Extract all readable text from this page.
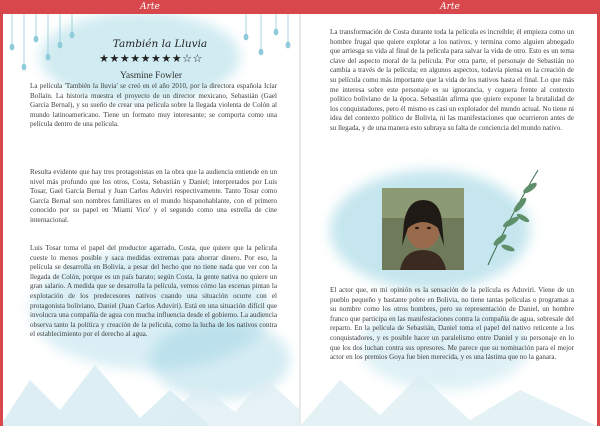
Arte	Arte
También la Lluvia
★★★★★★★★☆☆
Yasmine Fowler

La película 'También la lluvia' se creó en el año 2010, por la directora española Icíar Bollaín. La historia muestra el proyecto de un director mexicano, Sebastián (Gael García Bernal), y su sueño de crear una película sobre la llegada violenta de Colón al mundo latinoamericano. Tiene un formato muy interesante; se comporta como una película dentro de una película.

Resulta evidente que hay tres protagonistas en la obra que la audiencia entiende en un nivel más profundo que los otros, Costa, Sebastián y Daniel; interpretados por Luis Tosar, Gael García Bernal y Juan Carlos Aduviri respectivamente. Tanto Tosar como García Bernal son nombres familiares en el mundo hispanohablante, con el primero conocido por su papel en 'Miami Vice' y el segundo como una estrella de cine internacional.

Luis Tosar toma el papel del productor agarrado, Costa, que quiere que la película cueste lo menos posible y saca medidas extremas para ahorrar dinero. Por eso, la película se desarrolla en Bolivia, a pesar del hecho que no tiene nada que ver con la llegada de Colón, porque es un país barato; según Costa, la gente nativa no quiere un gran salario. A medida que se desarrolla la película, vemos cómo las escenas pintan la explotación de los predecesores nativos cuando una situación ocurre con el protagonista boliviano, Daniel (Juan Carlos Aduviri). Está en una situación difícil que involucra una compañía de agua con mucha influencia desde el gobierno. La audiencia observa tanto la política y creación de la película, como la lucha de los nativos contra el establecimiento por el derecho al agua.

La transformación de Costa durante toda la película es increíble; él empieza como un hombre frugal que quiere explotar a los nativos, y termina como alguien abnegado que arriesga su vida al final de la película para salvar la vida de otro. Esto es un tema clave del aspecto moral de la película. Por otra parte, el personaje de Sebastián no cambia a través de la película; en algunos aspectos, todavía piensa en la creación de su película como más importante que la vida de los nativos hasta el final. Lo que más me interesa sobre este personaje es su ignorancia, y ceguera frente al contexto político boliviano de la época. Sebastián afirma que quiere exponer la brutalidad de los conquistadores, pero él mismo es casi un explotador del mundo actual. No tiene ni idea del contexto político de Bolivia, ni las manifestaciones que ocurrieron antes de su llegada, y de una manera esto subraya su falta de conciencia del mundo nativo.

El actor que, en mi opinión es la sensación de la película es Aduviri. Viene de un pueblo pequeño y bastante pobre en Bolivia, no tiene tantas películas o programas a su nombre como los otros hombres, pero su representación de Daniel, un hombre franco que participa en las manifestaciones contra la compañía de agua, sobresale del reparto. En la película de Sebastián, Daniel toma el papel del nativo reticente a los conquistadores, y es posible hacer un paralelismo entre Daniel y su personaje en lo que los dos luchan contra sus opresores. Me parece que su nominación para el mejor actor en los premios Goya fue bien merecida, y es una lástima que no la ganara.
